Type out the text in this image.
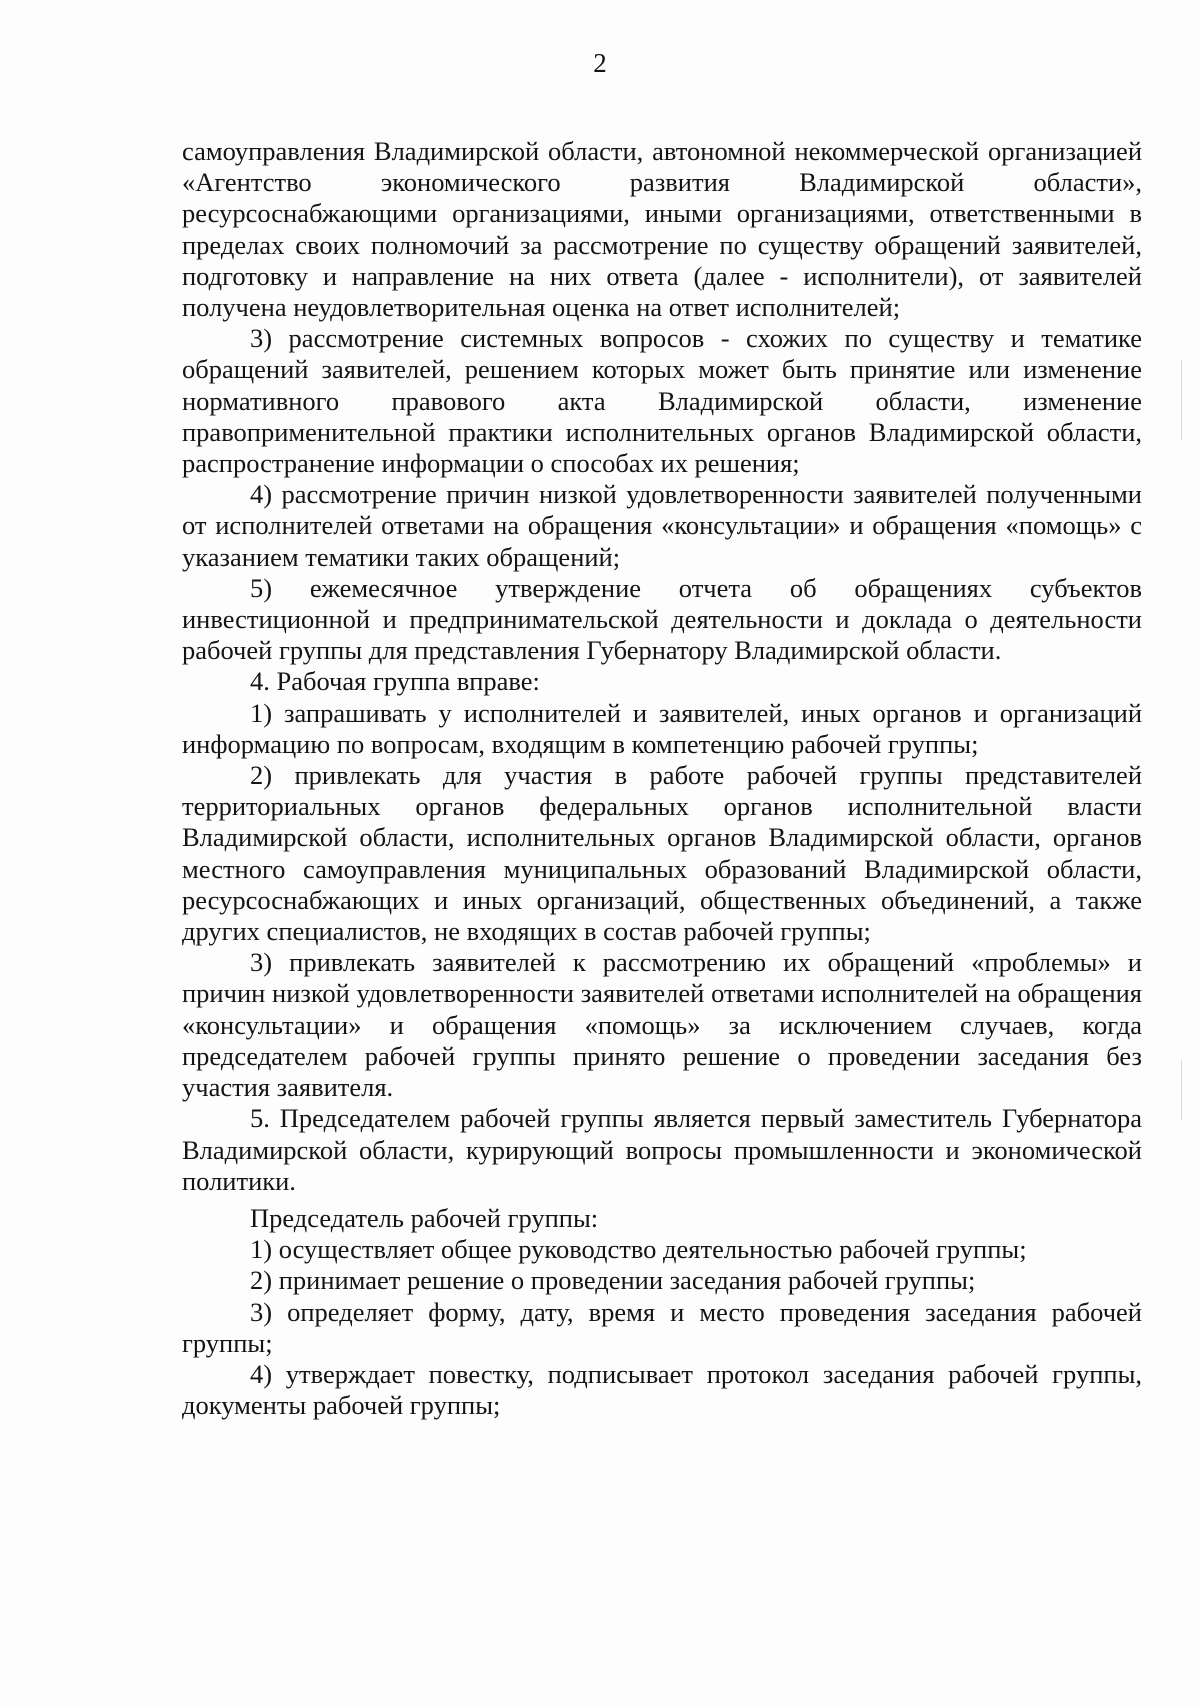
2

самоуправления Владимирской области, автономной некоммерческой организацией «Агентство экономического развития Владимирской области», ресурсоснабжающими организациями, иными организациями, ответственными в пределах своих полномочий за рассмотрение по существу обращений заявителей, подготовку и направление на них ответа (далее - исполнители), от заявителей получена неудовлетворительная оценка на ответ исполнителей;

3) рассмотрение системных вопросов - схожих по существу и тематике обращений заявителей, решением которых может быть принятие или изменение нормативного правового акта Владимирской области, изменение правоприменительной практики исполнительных органов Владимирской области, распространение информации о способах их решения;

4) рассмотрение причин низкой удовлетворенности заявителей полученными от исполнителей ответами на обращения «консультации» и обращения «помощь» с указанием тематики таких обращений;

5) ежемесячное утверждение отчета об обращениях субъектов инвестиционной и предпринимательской деятельности и доклада о деятельности рабочей группы для представления Губернатору Владимирской области.

4. Рабочая группа вправе:

1) запрашивать у исполнителей и заявителей, иных органов и организаций информацию по вопросам, входящим в компетенцию рабочей группы;

2) привлекать для участия в работе рабочей группы представителей территориальных органов федеральных органов исполнительной власти Владимирской области, исполнительных органов Владимирской области, органов местного самоуправления муниципальных образований Владимирской области, ресурсоснабжающих и иных организаций, общественных объединений, а также других специалистов, не входящих в состав рабочей группы;

3) привлекать заявителей к рассмотрению их обращений «проблемы» и причин низкой удовлетворенности заявителей ответами исполнителей на обращения «консультации» и обращения «помощь» за исключением случаев, когда председателем рабочей группы принято решение о проведении заседания без участия заявителя.

5. Председателем рабочей группы является первый заместитель Губернатора Владимирской области, курирующий вопросы промышленности и экономической политики.

Председатель рабочей группы:

1) осуществляет общее руководство деятельностью рабочей группы;

2) принимает решение о проведении заседания рабочей группы;

3) определяет форму, дату, время и место проведения заседания рабочей группы;

4) утверждает повестку, подписывает протокол заседания рабочей группы, документы рабочей группы;
